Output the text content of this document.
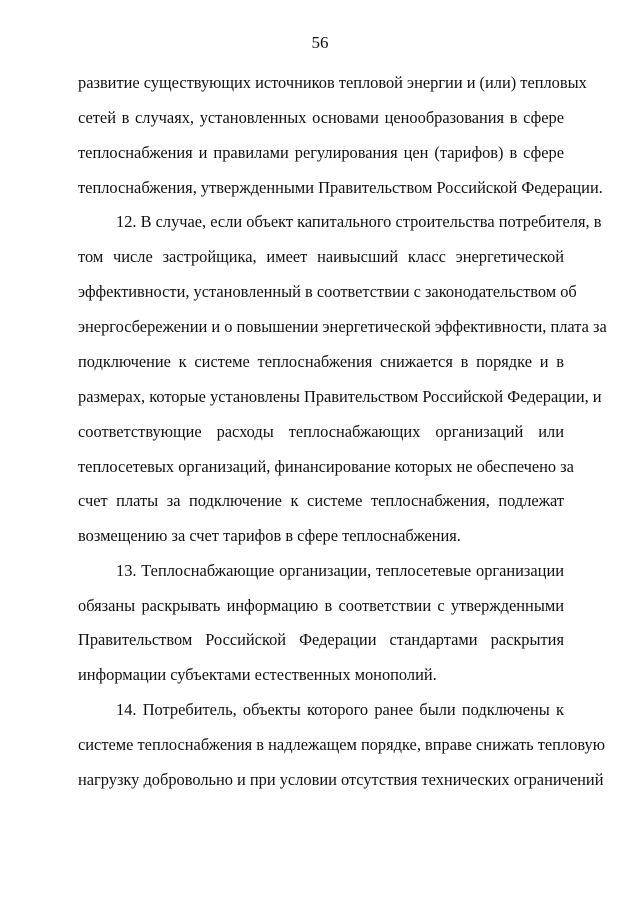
56
развитие существующих источников тепловой энергии и (или) тепловых
сетей в случаях, установленных основами ценообразования в сфере
теплоснабжения и правилами регулирования цен (тарифов) в сфере
теплоснабжения, утвержденными Правительством Российской Федерации.
12. В случае, если объект капитального строительства потребителя, в
том числе застройщика, имеет наивысший класс энергетической
эффективности, установленный в соответствии с законодательством об
энергосбережении и о повышении энергетической эффективности, плата за
подключение к системе теплоснабжения снижается в порядке и в
размерах, которые установлены Правительством Российской Федерации, и
соответствующие расходы теплоснабжающих организаций или
теплосетевых организаций, финансирование которых не обеспечено за
счет платы за подключение к системе теплоснабжения, подлежат
возмещению за счет тарифов в сфере теплоснабжения.
13. Теплоснабжающие организации, теплосетевые организации
обязаны раскрывать информацию в соответствии с утвержденными
Правительством Российской Федерации стандартами раскрытия
информации субъектами естественных монополий.
14. Потребитель, объекты которого ранее были подключены к
системе теплоснабжения в надлежащем порядке, вправе снижать тепловую
нагрузку добровольно и при условии отсутствия технических ограничений
